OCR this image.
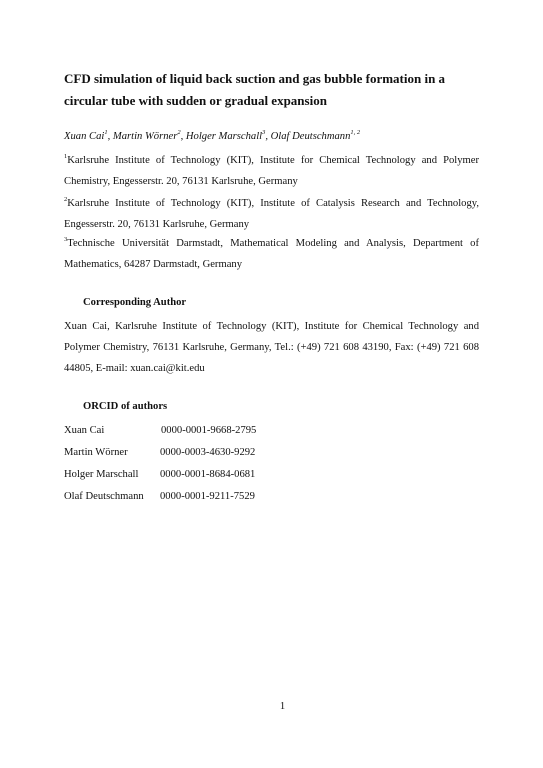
CFD simulation of liquid back suction and gas bubble formation in a circular tube with sudden or gradual expansion

Xuan Cai$^1$, Martin Wörner$^2$, Holger Marschall$^3$, Olaf Deutschmann$^{1, 2}$

$^1$Karlsruhe Institute of Technology (KIT), Institute for Chemical Technology and Polymer Chemistry, Engesserstr. 20, 76131 Karlsruhe, Germany

$^2$Karlsruhe Institute of Technology (KIT), Institute of Catalysis Research and Technology, Engesserstr. 20, 76131 Karlsruhe, Germany

$^3$Technische Universität Darmstadt, Mathematical Modeling and Analysis, Department of Mathematics, 64287 Darmstadt, Germany

Corresponding Author

Xuan Cai, Karlsruhe Institute of Technology (KIT), Institute for Chemical Technology and Polymer Chemistry, 76131 Karlsruhe, Germany, Tel.: (+49) 721 608 43190, Fax: (+49) 721 608 44805, E-mail: xuan.cai@kit.edu

ORCID of authors
Xuan Cai	0000-0001-9668-2795
Martin Wörner	0000-0003-4630-9292
Holger Marschall 0000-0001-8684-0681
Olaf Deutschmann 0000-0001-9211-7529

1
